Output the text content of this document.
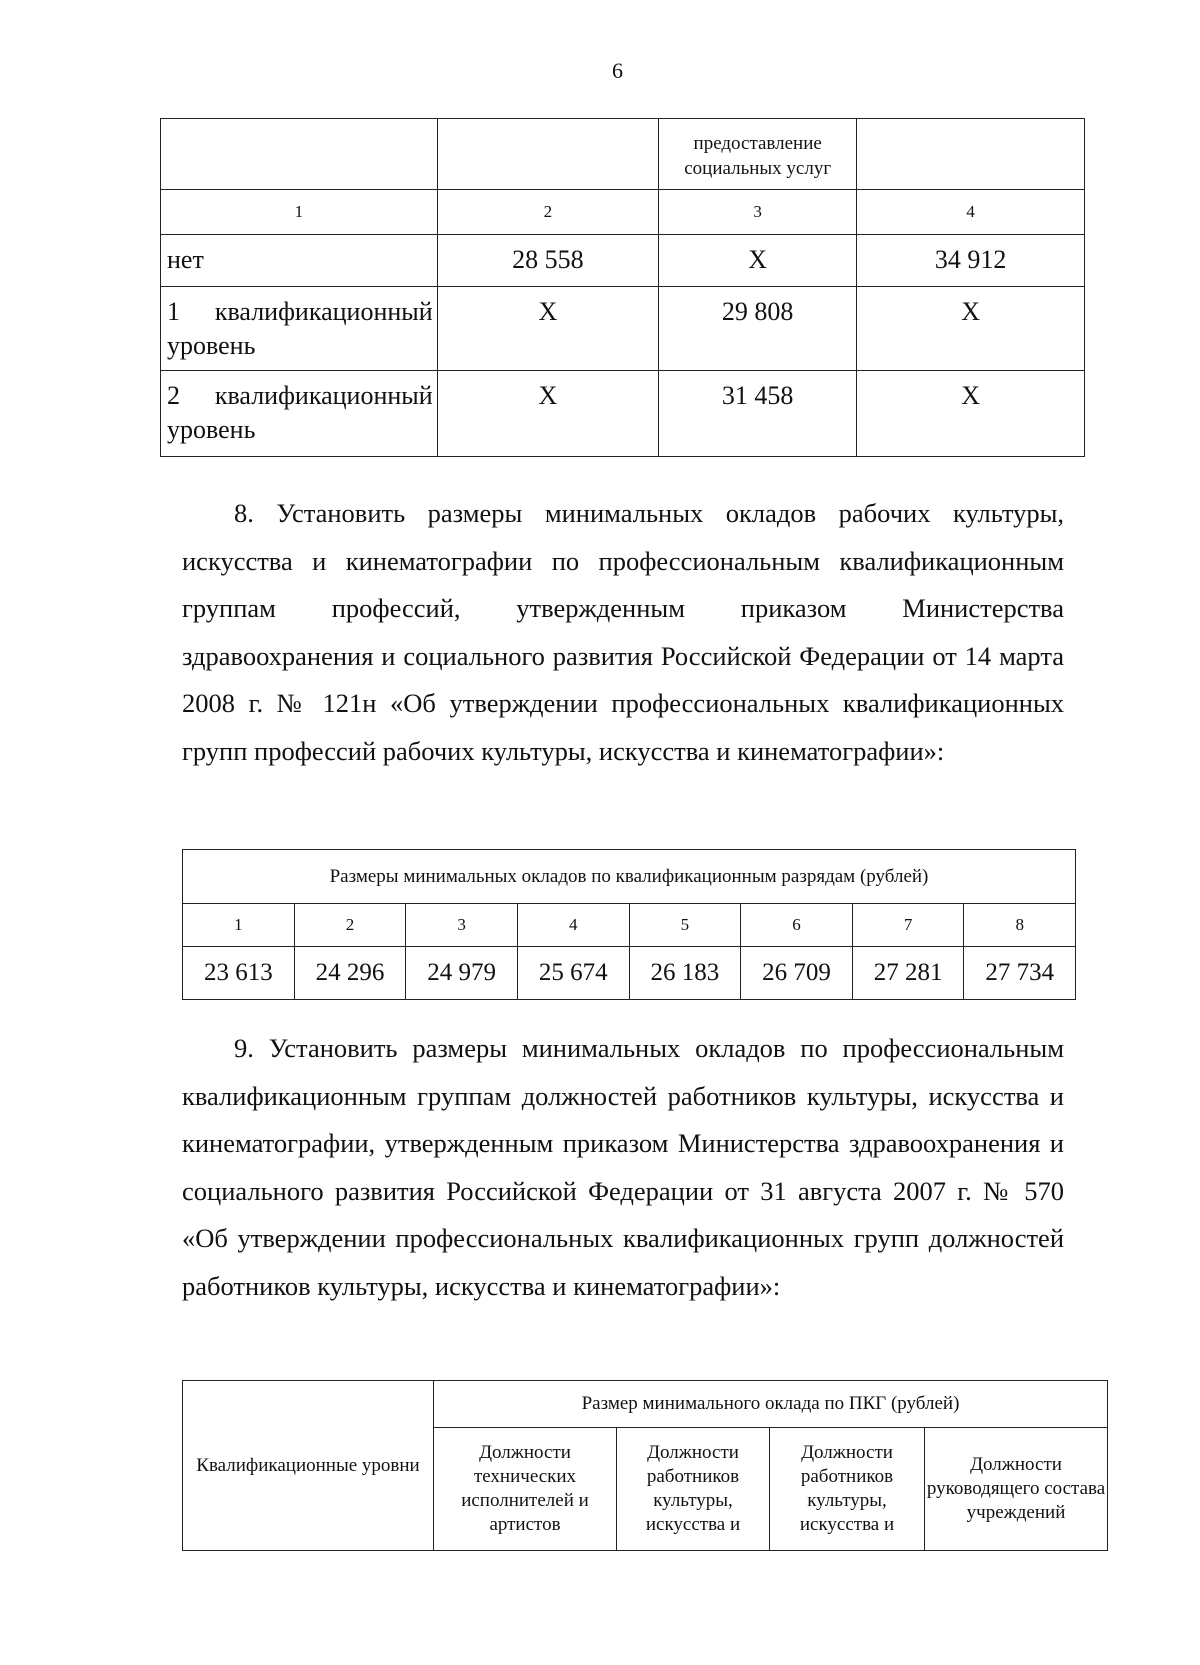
6
		предоставление социальных услуг	
1	2	3	4
нет	28 558	X	34 912

1 квалификационный
уровень	X	29 808	X

2 квалификационный
уровень	X	31 458	X

8. Установить размеры минимальных окладов рабочих культуры, искусства и кинематографии по профессиональным квалификационным группам профессий, утвержденным приказом Министерства здравоохранения и социального развития Российской Федерации от 14 марта 2008 г. № 121н «Об утверждении профессиональных квалификационных групп профессий рабочих культуры, искусства и кинематографии»:

Размеры минимальных окладов по квалификационным разрядам (рублей)							
1	2	3	4	5	6	7	8
23 613	24 296	24 979	25 674	26 183	26 709	27 281	27 734

9. Установить размеры минимальных окладов по профессиональным квалификационным группам должностей работников культуры, искусства и кинематографии, утвержденным приказом Министерства здравоохранения и социального развития Российской Федерации от 31 августа 2007 г. № 570 «Об утверждении профессиональных квалификационных групп должностей работников культуры, искусства и кинематографии»:

Квалификационные уровни	Размер минимального оклада по ПКГ (рублей)			
	Должности технических исполнителей и артистов	Должности работников культуры, искусства и	Должности работников культуры, искусства и	Должности руководящего состава учреждений
